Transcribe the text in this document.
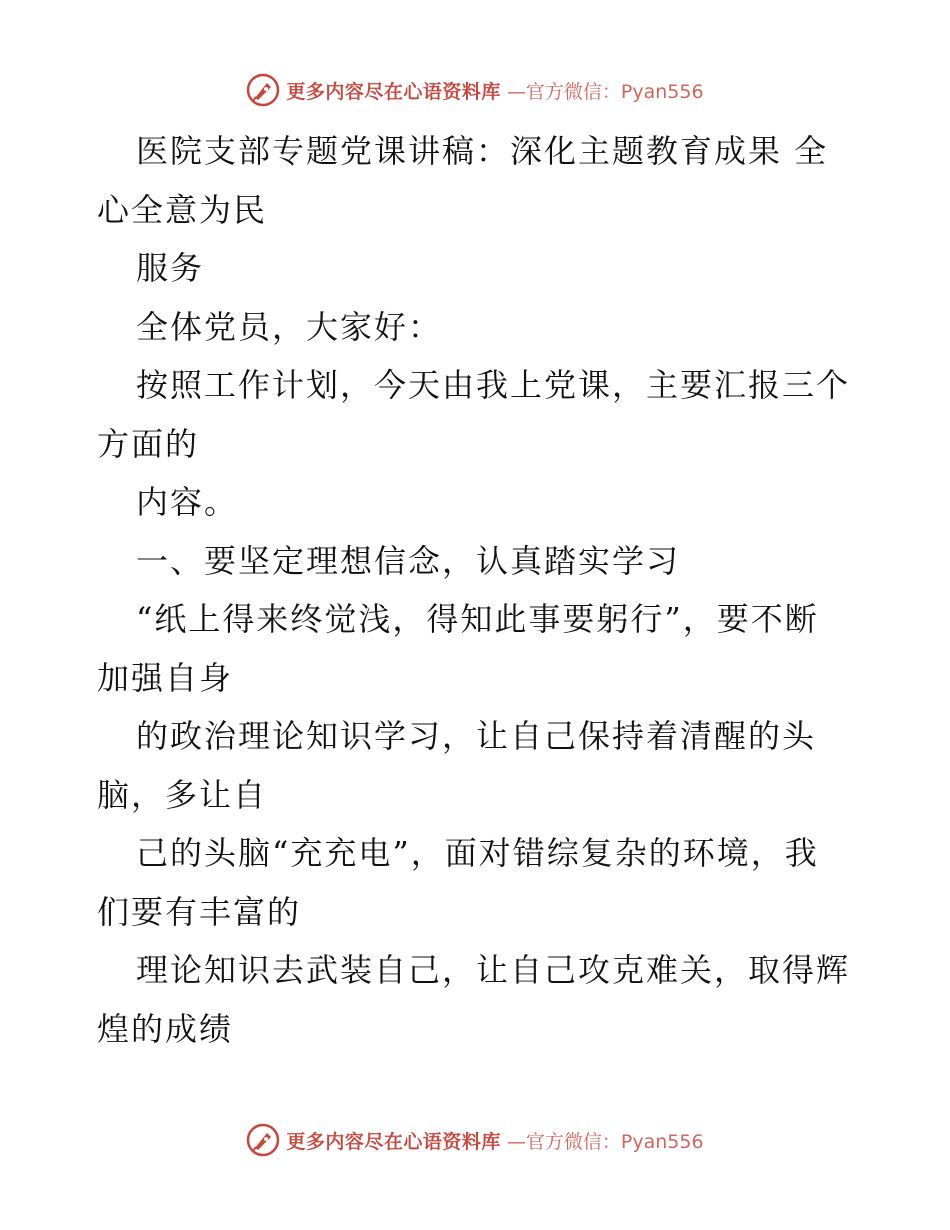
更多内容尽在心语资料库 —官方微信：Pyan556
医院支部专题党课讲稿：深化主题教育成果 全
心全意为民
服务
全体党员，大家好：
按照工作计划，今天由我上党课，主要汇报三个
方面的
内容。
一、要坚定理想信念，认真踏实学习
“纸上得来终觉浅，得知此事要躬行”，要不断
加强自身
的政治理论知识学习，让自己保持着清醒的头
脑，多让自
己的头脑“充充电”，面对错综复杂的环境，我
们要有丰富的
理论知识去武装自己，让自己攻克难关，取得辉
煌的成绩
更多内容尽在心语资料库 —官方微信：Pyan556
